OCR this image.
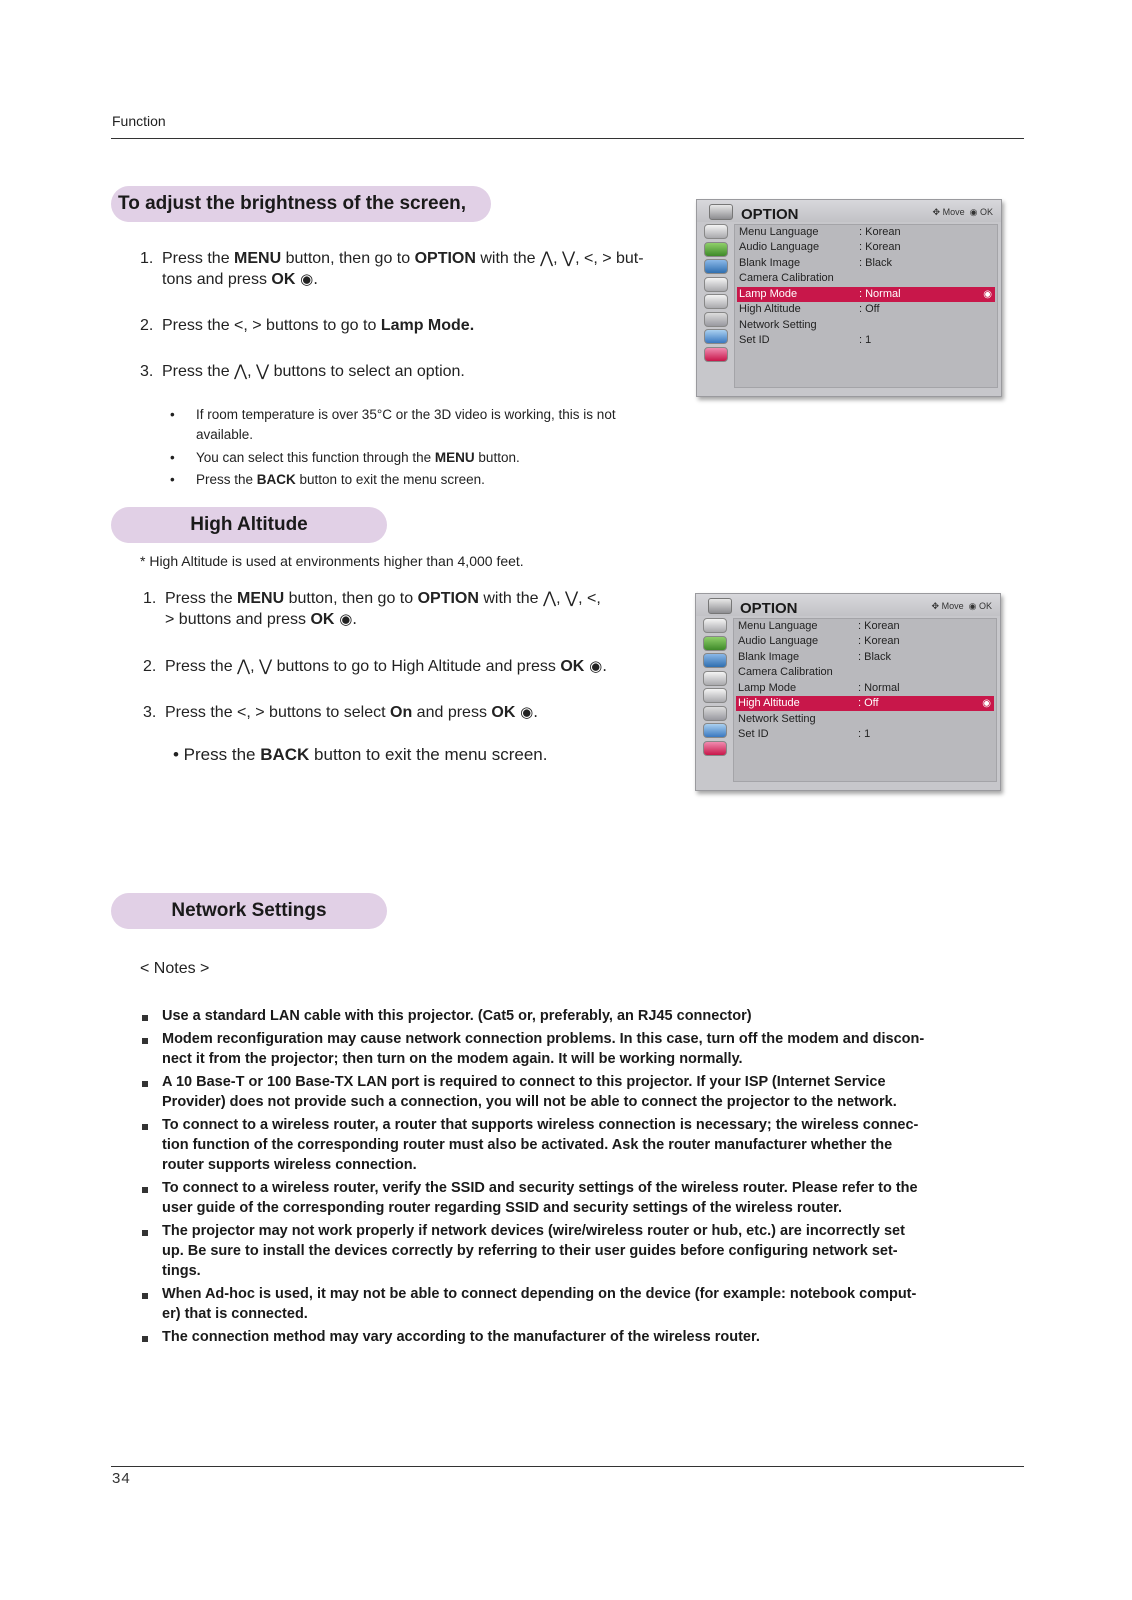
Function
To adjust the brightness of the screen,
1. Press the MENU button, then go to OPTION with the ⋀, ⋁, <, > but-
tons and press OK ◉.
2. Press the <, > buttons to go to Lamp Mode.
3. Press the ⋀, ⋁ buttons to select an option.
• If room temperature is over 35°C or the 3D video is working, this is not
available.
• You can select this function through the MENU button.
• Press the BACK button to exit the menu screen.
OPTION	✥ Move ◉ OK
Menu Language	: Korean
Audio Language	: Korean
Blank Image	: Black
Camera Calibration
Lamp Mode	: Normal	◉
High Altitude	: Off
Network Setting
Set ID	: 1
High Altitude
* High Altitude is used at environments higher than 4,000 feet.
1. Press the MENU button, then go to OPTION with the ⋀, ⋁, <,
> buttons and press OK ◉.
2. Press the ⋀, ⋁ buttons to go to High Altitude and press OK ◉.
3. Press the <, > buttons to select On and press OK ◉.
• Press the BACK button to exit the menu screen.
OPTION	✥ Move ◉ OK
Menu Language	: Korean
Audio Language	: Korean
Blank Image	: Black
Camera Calibration
Lamp Mode	: Normal
High Altitude	: Off	◉
Network Setting
Set ID	: 1
Network Settings
< Notes >
Use a standard LAN cable with this projector. (Cat5 or, preferably, an RJ45 connector)
Modem reconfiguration may cause network connection problems. In this case, turn off the modem and discon-
nect it from the projector; then turn on the modem again. It will be working normally.
A 10 Base-T or 100 Base-TX LAN port is required to connect to this projector. If your ISP (Internet Service
Provider) does not provide such a connection, you will not be able to connect the projector to the network.
To connect to a wireless router, a router that supports wireless connection is necessary; the wireless connec-
tion function of the corresponding router must also be activated. Ask the router manufacturer whether the
router supports wireless connection.
To connect to a wireless router, verify the SSID and security settings of the wireless router. Please refer to the
user guide of the corresponding router regarding SSID and security settings of the wireless router.
The projector may not work properly if network devices (wire/wireless router or hub, etc.) are incorrectly set
up. Be sure to install the devices correctly by referring to their user guides before configuring network set-
tings.
When Ad-hoc is used, it may not be able to connect depending on the device (for example: notebook comput-
er) that is connected.
The connection method may vary according to the manufacturer of the wireless router.
34
